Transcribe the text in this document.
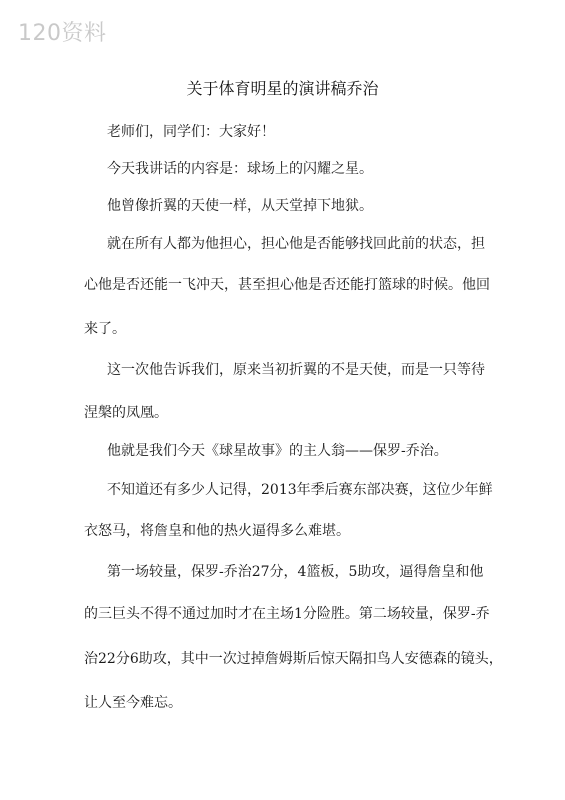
120资料
关于体育明星的演讲稿乔治
老师们，同学们：大家好！
今天我讲话的内容是：球场上的闪耀之星。
他曾像折翼的天使一样，从天堂掉下地狱。
就在所有人都为他担心，担心他是否能够找回此前的状态，担
心他是否还能一飞冲天，甚至担心他是否还能打篮球的时候。他回
来了。
这一次他告诉我们，原来当初折翼的不是天使，而是一只等待
涅槃的凤凰。
他就是我们今天《球星故事》的主人翁——保罗-乔治。
不知道还有多少人记得，2013年季后赛东部决赛，这位少年鲜
衣怒马，将詹皇和他的热火逼得多么难堪。
第一场较量，保罗-乔治27分，4篮板，5助攻，逼得詹皇和他
的三巨头不得不通过加时才在主场1分险胜。第二场较量，保罗-乔
治22分6助攻，其中一次过掉詹姆斯后惊天隔扣鸟人安德森的镜头，
让人至今难忘。
